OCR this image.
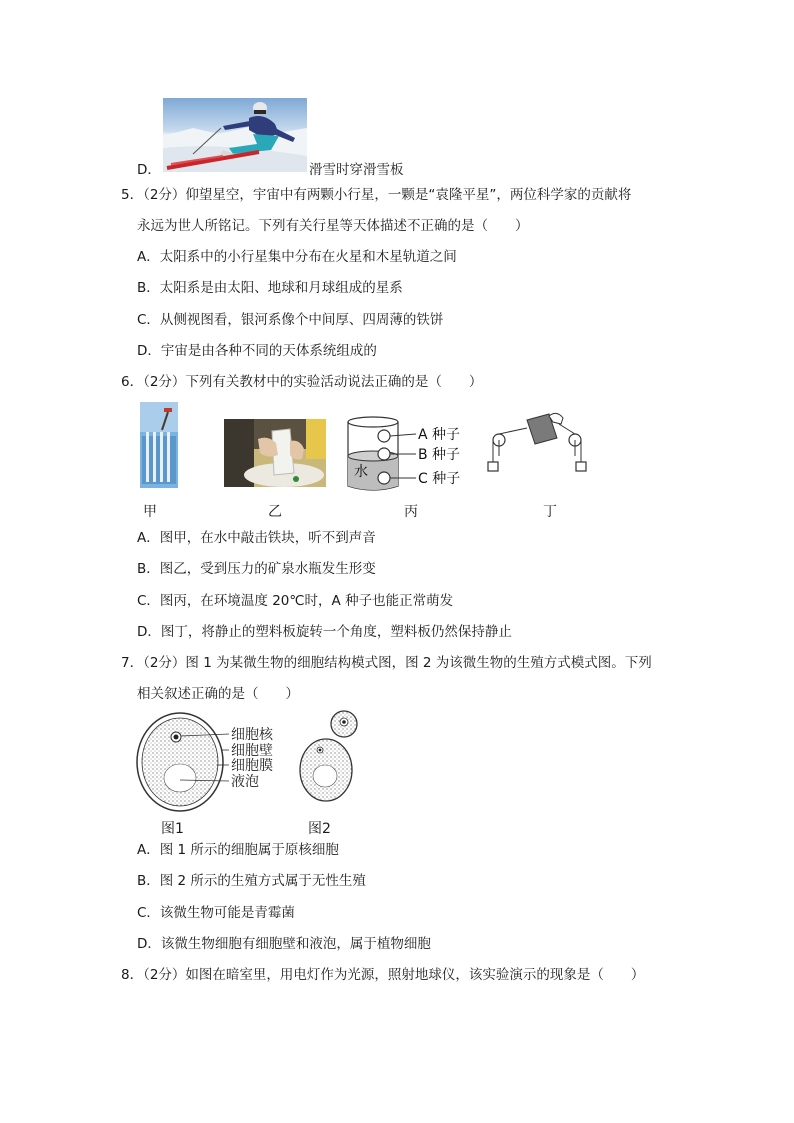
D．	滑雪时穿滑雪板
5．（2分）仰望星空，宇宙中有两颗小行星，一颗是“袁隆平星”，两位科学家的贡献将
永远为世人所铭记。下列有关行星等天体描述不正确的是（　　）
A．太阳系中的小行星集中分布在火星和木星轨道之间
B．太阳系是由太阳、地球和月球组成的星系
C．从侧视图看，银河系像个中间厚、四周薄的铁饼
D．宇宙是由各种不同的天体系统组成的
6．（2分）下列有关教材中的实验活动说法正确的是（　　）
水
A 种子
B 种子
C 种子
甲	乙	丙	丁
A．图甲，在水中敲击铁块，听不到声音
B．图乙，受到压力的矿泉水瓶发生形变
C．图丙，在环境温度 20℃时，A 种子也能正常萌发
D．图丁，将静止的塑料板旋转一个角度，塑料板仍然保持静止
7．（2分）图 1 为某微生物的细胞结构模式图，图 2 为该微生物的生殖方式模式图。下列
相关叙述正确的是（　　）
细胞核
细胞壁
细胞膜
液泡
图1	图2
A．图 1 所示的细胞属于原核细胞
B．图 2 所示的生殖方式属于无性生殖
C．该微生物可能是青霉菌
D．该微生物细胞有细胞壁和液泡，属于植物细胞
8．（2分）如图在暗室里，用电灯作为光源，照射地球仪，该实验演示的现象是（　　）
